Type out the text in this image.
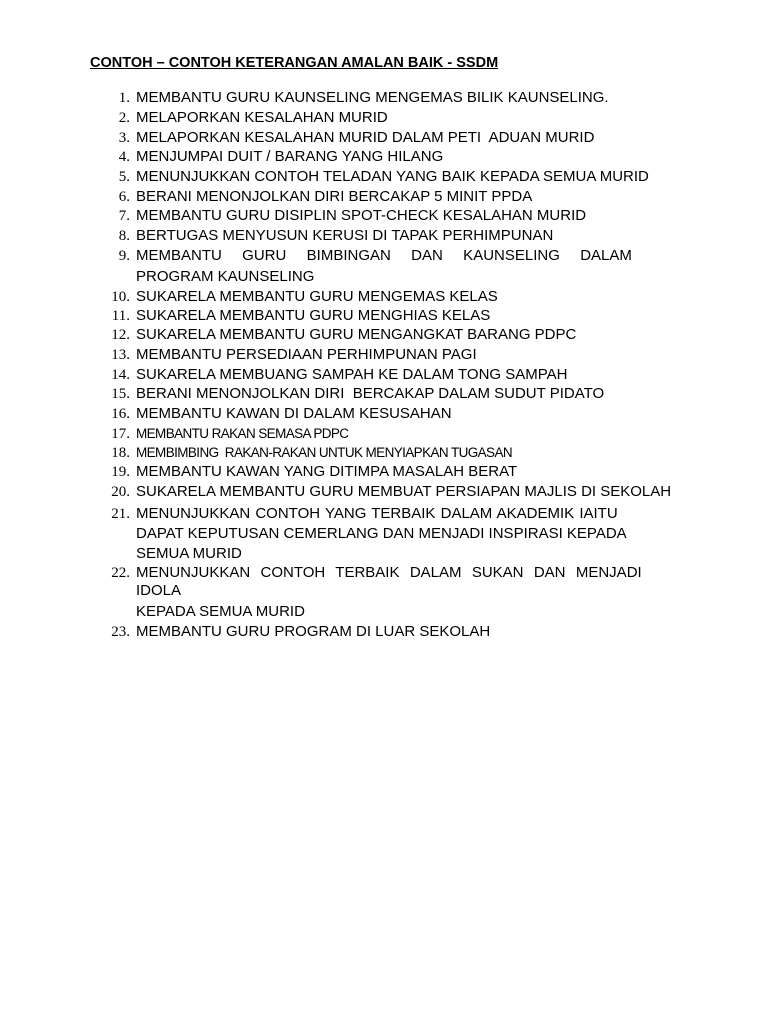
CONTOH – CONTOH KETERANGAN AMALAN BAIK - SSDM
1. MEMBANTU GURU KAUNSELING MENGEMAS BILIK KAUNSELING.
2. MELAPORKAN KESALAHAN MURID
3. MELAPORKAN KESALAHAN MURID DALAM PETI  ADUAN MURID
4. MENJUMPAI DUIT / BARANG YANG HILANG
5. MENUNJUKKAN CONTOH TELADAN YANG BAIK KEPADA SEMUA MURID
6. BERANI MENONJOLKAN DIRI BERCAKAP 5 MINIT PPDA
7. MEMBANTU GURU DISIPLIN SPOT-CHECK KESALAHAN MURID
8. BERTUGAS MENYUSUN KERUSI DI TAPAK PERHIMPUNAN
9. MEMBANTU  GURU  BIMBINGAN  DAN  KAUNSELING  DALAM
PROGRAM KAUNSELING
10. SUKARELA MEMBANTU GURU MENGEMAS KELAS
11. SUKARELA MEMBANTU GURU MENGHIAS KELAS
12. SUKARELA MEMBANTU GURU MENGANGKAT BARANG PDPC
13. MEMBANTU PERSEDIAAN PERHIMPUNAN PAGI
14. SUKARELA MEMBUANG SAMPAH KE DALAM TONG SAMPAH
15. BERANI MENONJOLKAN DIRI  BERCAKAP DALAM SUDUT PIDATO
16. MEMBANTU KAWAN DI DALAM KESUSAHAN
17. MEMBANTU RAKAN SEMASA PDPC
18. MEMBIMBING  RAKAN-RAKAN UNTUK MENYIAPKAN TUGASAN
19. MEMBANTU KAWAN YANG DITIMPA MASALAH BERAT
20. SUKARELA MEMBANTU GURU MEMBUAT PERSIAPAN MAJLIS DI SEKOLAH
21. MENUNJUKKAN CONTOH YANG TERBAIK DALAM AKADEMIK IAITU
DAPAT KEPUTUSAN CEMERLANG DAN MENJADI INSPIRASI KEPADA
SEMUA MURID
22. MENUNJUKKAN  CONTOH  TERBAIK  DALAM  SUKAN  DAN  MENJADI
IDOLA
KEPADA SEMUA MURID
23. MEMBANTU GURU PROGRAM DI LUAR SEKOLAH
